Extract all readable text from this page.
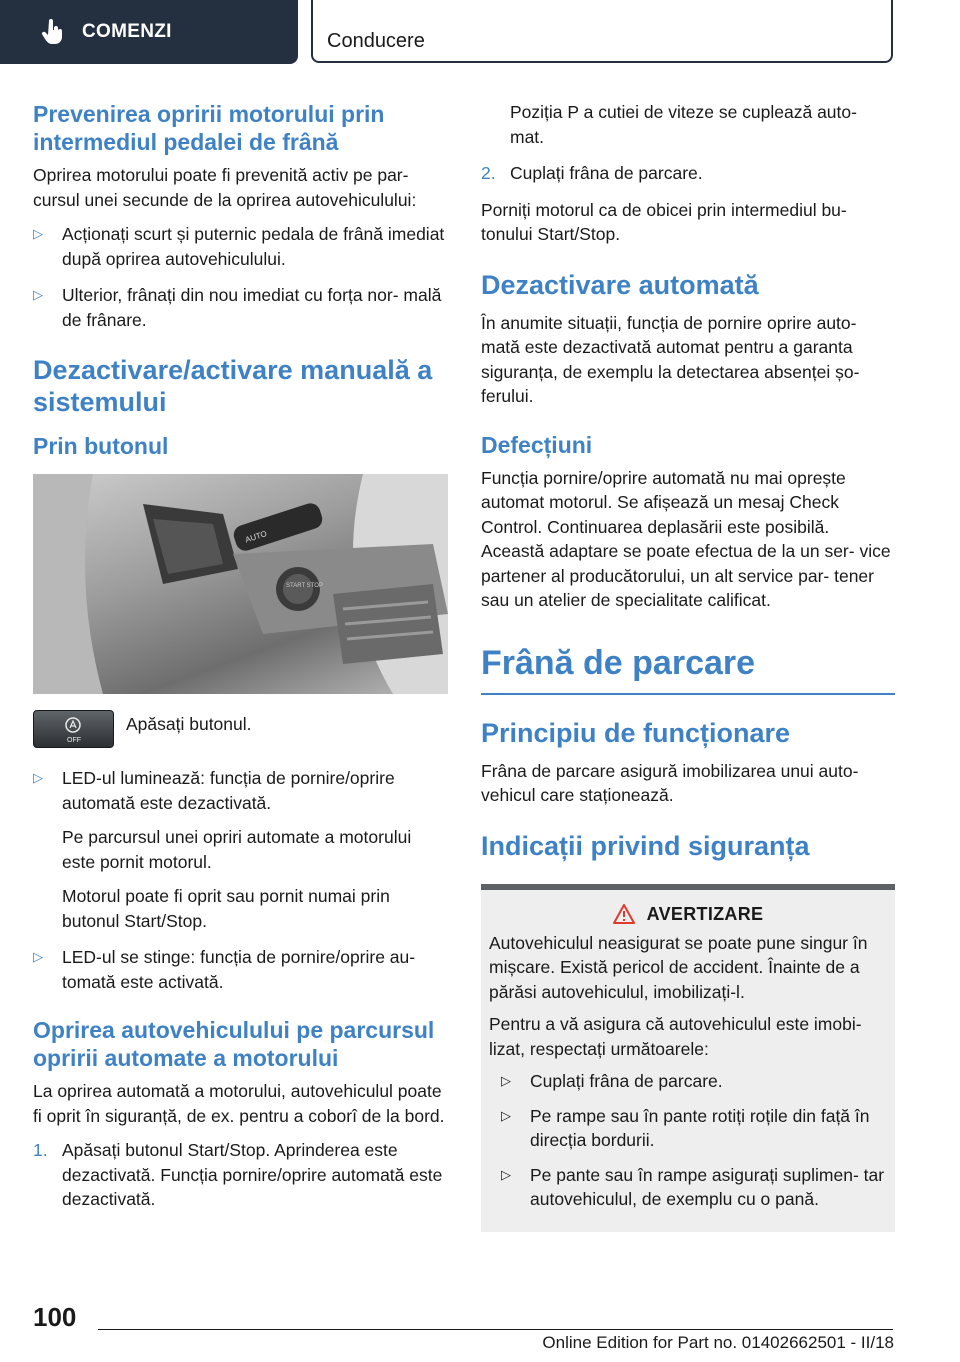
COMENZI	Conducere
Prevenirea opririi motorului prin intermediul pedalei de frână
Oprirea motorului poate fi prevenită activ pe par- cursul unei secunde de la oprirea autovehiculului:
▷ Acționați scurt și puternic pedala de frână imediat după oprirea autovehiculului.
▷ Ulterior, frânați din nou imediat cu forța nor- mală de frânare.
Dezactivare/activare manuală a sistemului
Prin butonul
AUTO
START STOP
OFF
Apăsați butonul.
▷ LED-ul luminează: funcția de pornire/oprire automată este dezactivată.
Pe parcursul unei opriri automate a motorului este pornit motorul.
Motorul poate fi oprit sau pornit numai prin butonul Start/Stop.
▷ LED-ul se stinge: funcția de pornire/oprire au- tomată este activată.
Oprirea autovehiculului pe parcursul opririi automate a motorului
La oprirea automată a motorului, autovehiculul poate fi oprit în siguranță, de ex. pentru a coborî de la bord.
1. Apăsați butonul Start/Stop. Aprinderea este dezactivată. Funcția pornire/oprire automată este dezactivată.
Poziția P a cutiei de viteze se cuplează auto- mat.
2. Cuplați frâna de parcare.
Porniți motorul ca de obicei prin intermediul bu- tonului Start/Stop.
Dezactivare automată
În anumite situații, funcția de pornire oprire auto- mată este dezactivată automat pentru a garanta siguranța, de exemplu la detectarea absenței șo- ferului.
Defecțiuni
Funcția pornire/oprire automată nu mai oprește automat motorul. Se afișează un mesaj Check Control. Continuarea deplasării este posibilă. Această adaptare se poate efectua de la un ser- vice partener al producătorului, un alt service par- tener sau un atelier de specialitate calificat.
Frână de parcare
Principiu de funcționare
Frâna de parcare asigură imobilizarea unui auto- vehicul care staționează.
Indicații privind siguranța
AVERTIZARE
Autovehiculul neasigurat se poate pune singur în mișcare. Există pericol de accident. Înainte de a părăsi autovehiculul, imobilizați-l.
Pentru a vă asigura că autovehiculul este imobi- lizat, respectați următoarele:
▷ Cuplați frâna de parcare.
▷ Pe rampe sau în pante rotiți roțile din față în direcția bordurii.
▷ Pe pante sau în rampe asigurați suplimen- tar autovehiculul, de exemplu cu o pană.
100
Online Edition for Part no. 01402662501 - II/18
